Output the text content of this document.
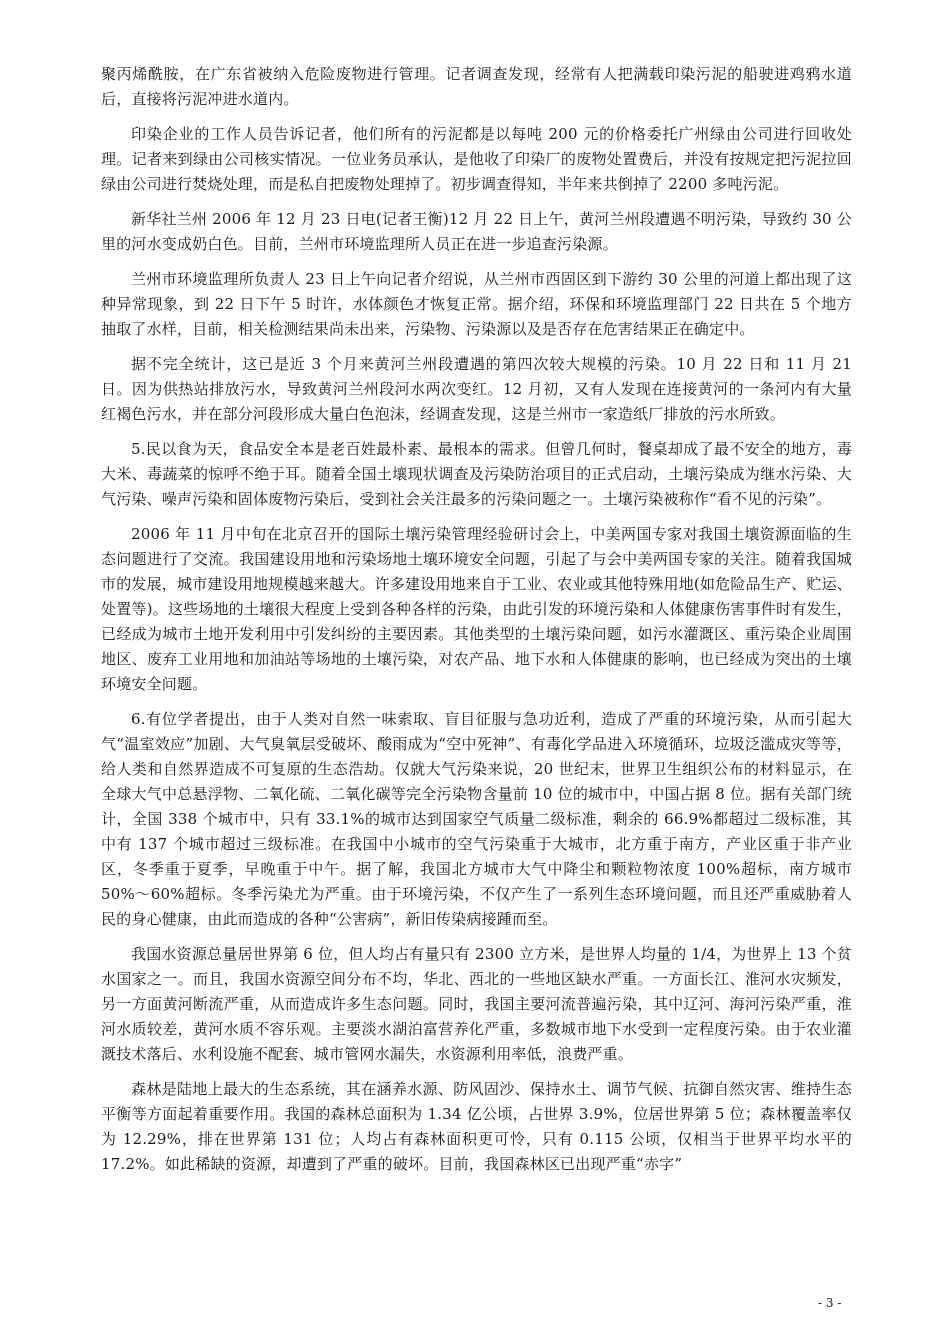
聚丙烯酰胺，在广东省被纳入危险废物进行管理。记者调查发现，经常有人把满载印染污泥的船驶进鸡鸦水道后，直接将污泥冲进水道内。

印染企业的工作人员告诉记者，他们所有的污泥都是以每吨 200 元的价格委托广州绿由公司进行回收处理。记者来到绿由公司核实情况。一位业务员承认，是他收了印染厂的废物处置费后，并没有按规定把污泥拉回绿由公司进行焚烧处理，而是私自把废物处理掉了。初步调查得知，半年来共倒掉了 2200 多吨污泥。

新华社兰州 2006 年 12 月 23 日电(记者王衡)12 月 22 日上午，黄河兰州段遭遇不明污染，导致约 30 公里的河水变成奶白色。目前，兰州市环境监理所人员正在进一步追查污染源。

兰州市环境监理所负责人 23 日上午向记者介绍说，从兰州市西固区到下游约 30 公里的河道上都出现了这种异常现象，到 22 日下午 5 时许，水体颜色才恢复正常。据介绍，环保和环境监理部门 22 日共在 5 个地方抽取了水样，目前，相关检测结果尚未出来，污染物、污染源以及是否存在危害结果正在确定中。

据不完全统计，这已是近 3 个月来黄河兰州段遭遇的第四次较大规模的污染。10 月 22 日和 11 月 21 日。因为供热站排放污水，导致黄河兰州段河水两次变红。12 月初，又有人发现在连接黄河的一条河内有大量红褐色污水，并在部分河段形成大量白色泡沫，经调查发现，这是兰州市一家造纸厂排放的污水所致。

5.民以食为天，食品安全本是老百姓最朴素、最根本的需求。但曾几何时，餐桌却成了最不安全的地方，毒大米、毒蔬菜的惊呼不绝于耳。随着全国土壤现状调查及污染防治项目的正式启动，土壤污染成为继水污染、大气污染、噪声污染和固体废物污染后，受到社会关注最多的污染问题之一。土壤污染被称作“看不见的污染”。

2006 年 11 月中旬在北京召开的国际土壤污染管理经验研讨会上，中美两国专家对我国土壤资源面临的生态问题进行了交流。我国建设用地和污染场地土壤环境安全问题，引起了与会中美两国专家的关注。随着我国城市的发展，城市建设用地规模越来越大。许多建设用地来自于工业、农业或其他特殊用地(如危险品生产、贮运、处置等)。这些场地的土壤很大程度上受到各种各样的污染，由此引发的环境污染和人体健康伤害事件时有发生，已经成为城市土地开发利用中引发纠纷的主要因素。其他类型的土壤污染问题，如污水灌溉区、重污染企业周围地区、废弃工业用地和加油站等场地的土壤污染，对农产品、地下水和人体健康的影响，也已经成为突出的土壤环境安全问题。

6.有位学者提出，由于人类对自然一味索取、盲目征服与急功近利，造成了严重的环境污染，从而引起大气“温室效应”加剧、大气臭氧层受破坏、酸雨成为“空中死神”、有毒化学品进入环境循环，垃圾泛滥成灾等等，给人类和自然界造成不可复原的生态浩劫。仅就大气污染来说，20 世纪末，世界卫生组织公布的材料显示，在全球大气中总悬浮物、二氧化硫、二氧化碳等完全污染物含量前 10 位的城市中，中国占据 8 位。据有关部门统计，全国 338 个城市中，只有 33.1%的城市达到国家空气质量二级标准，剩余的 66.9%都超过二级标准，其中有 137 个城市超过三级标准。在我国中小城市的空气污染重于大城市，北方重于南方，产业区重于非产业区，冬季重于夏季，早晚重于中午。据了解，我国北方城市大气中降尘和颗粒物浓度 100%超标，南方城市 50%～60%超标。冬季污染尤为严重。由于环境污染，不仅产生了一系列生态环境问题，而且还严重威胁着人民的身心健康，由此而造成的各种“公害病”，新旧传染病接踵而至。

我国水资源总量居世界第 6 位，但人均占有量只有 2300 立方米，是世界人均量的 1/4，为世界上 13 个贫水国家之一。而且，我国水资源空间分布不均，华北、西北的一些地区缺水严重。一方面长江、淮河水灾频发，另一方面黄河断流严重，从而造成许多生态问题。同时，我国主要河流普遍污染，其中辽河、海河污染严重，淮河水质较差，黄河水质不容乐观。主要淡水湖泊富营养化严重，多数城市地下水受到一定程度污染。由于农业灌溉技术落后、水利设施不配套、城市管网水漏失，水资源利用率低，浪费严重。

森林是陆地上最大的生态系统，其在涵养水源、防风固沙、保持水土、调节气候、抗御自然灾害、维持生态平衡等方面起着重要作用。我国的森林总面积为 1.34 亿公顷，占世界 3.9%，位居世界第 5 位；森林覆盖率仅为 12.29%，排在世界第 131 位；人均占有森林面积更可怜，只有 0.115 公顷，仅相当于世界平均水平的 17.2%。如此稀缺的资源，却遭到了严重的破坏。目前，我国森林区已出现严重“赤字”

- 3 -
